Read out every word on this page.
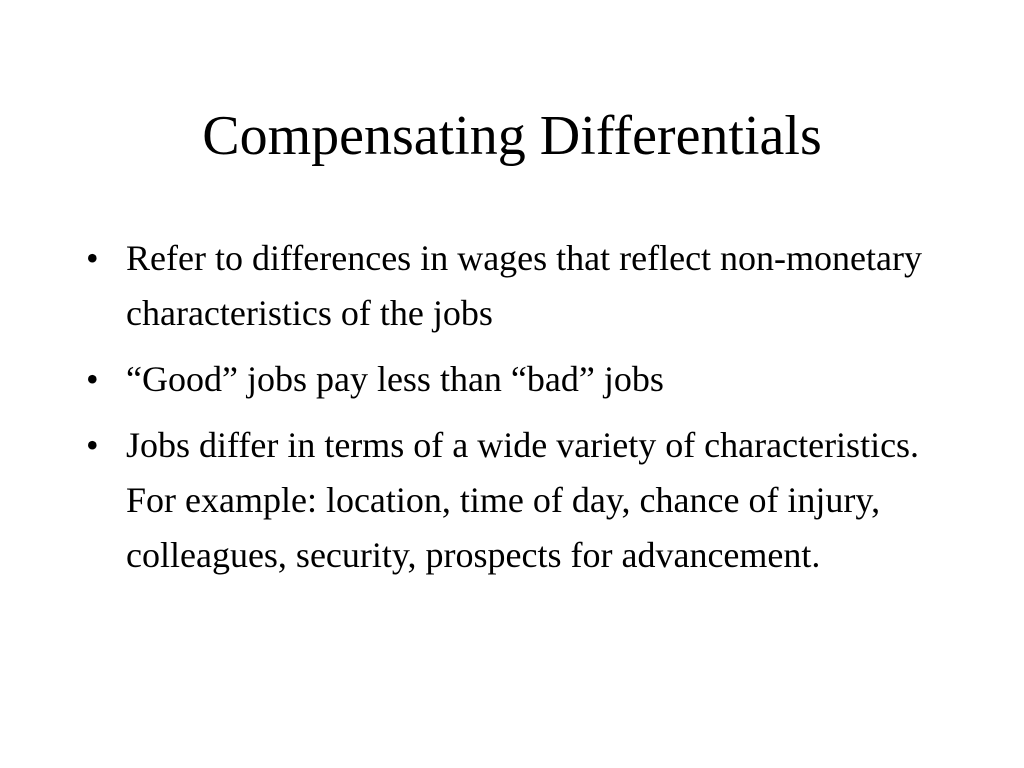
Compensating Differentials
• Refer to differences in wages that reflect non-monetary characteristics of the jobs
• “Good” jobs pay less than “bad” jobs
• Jobs differ in terms of a wide variety of characteristics. For example: location, time of day, chance of injury, colleagues, security, prospects for advancement.
